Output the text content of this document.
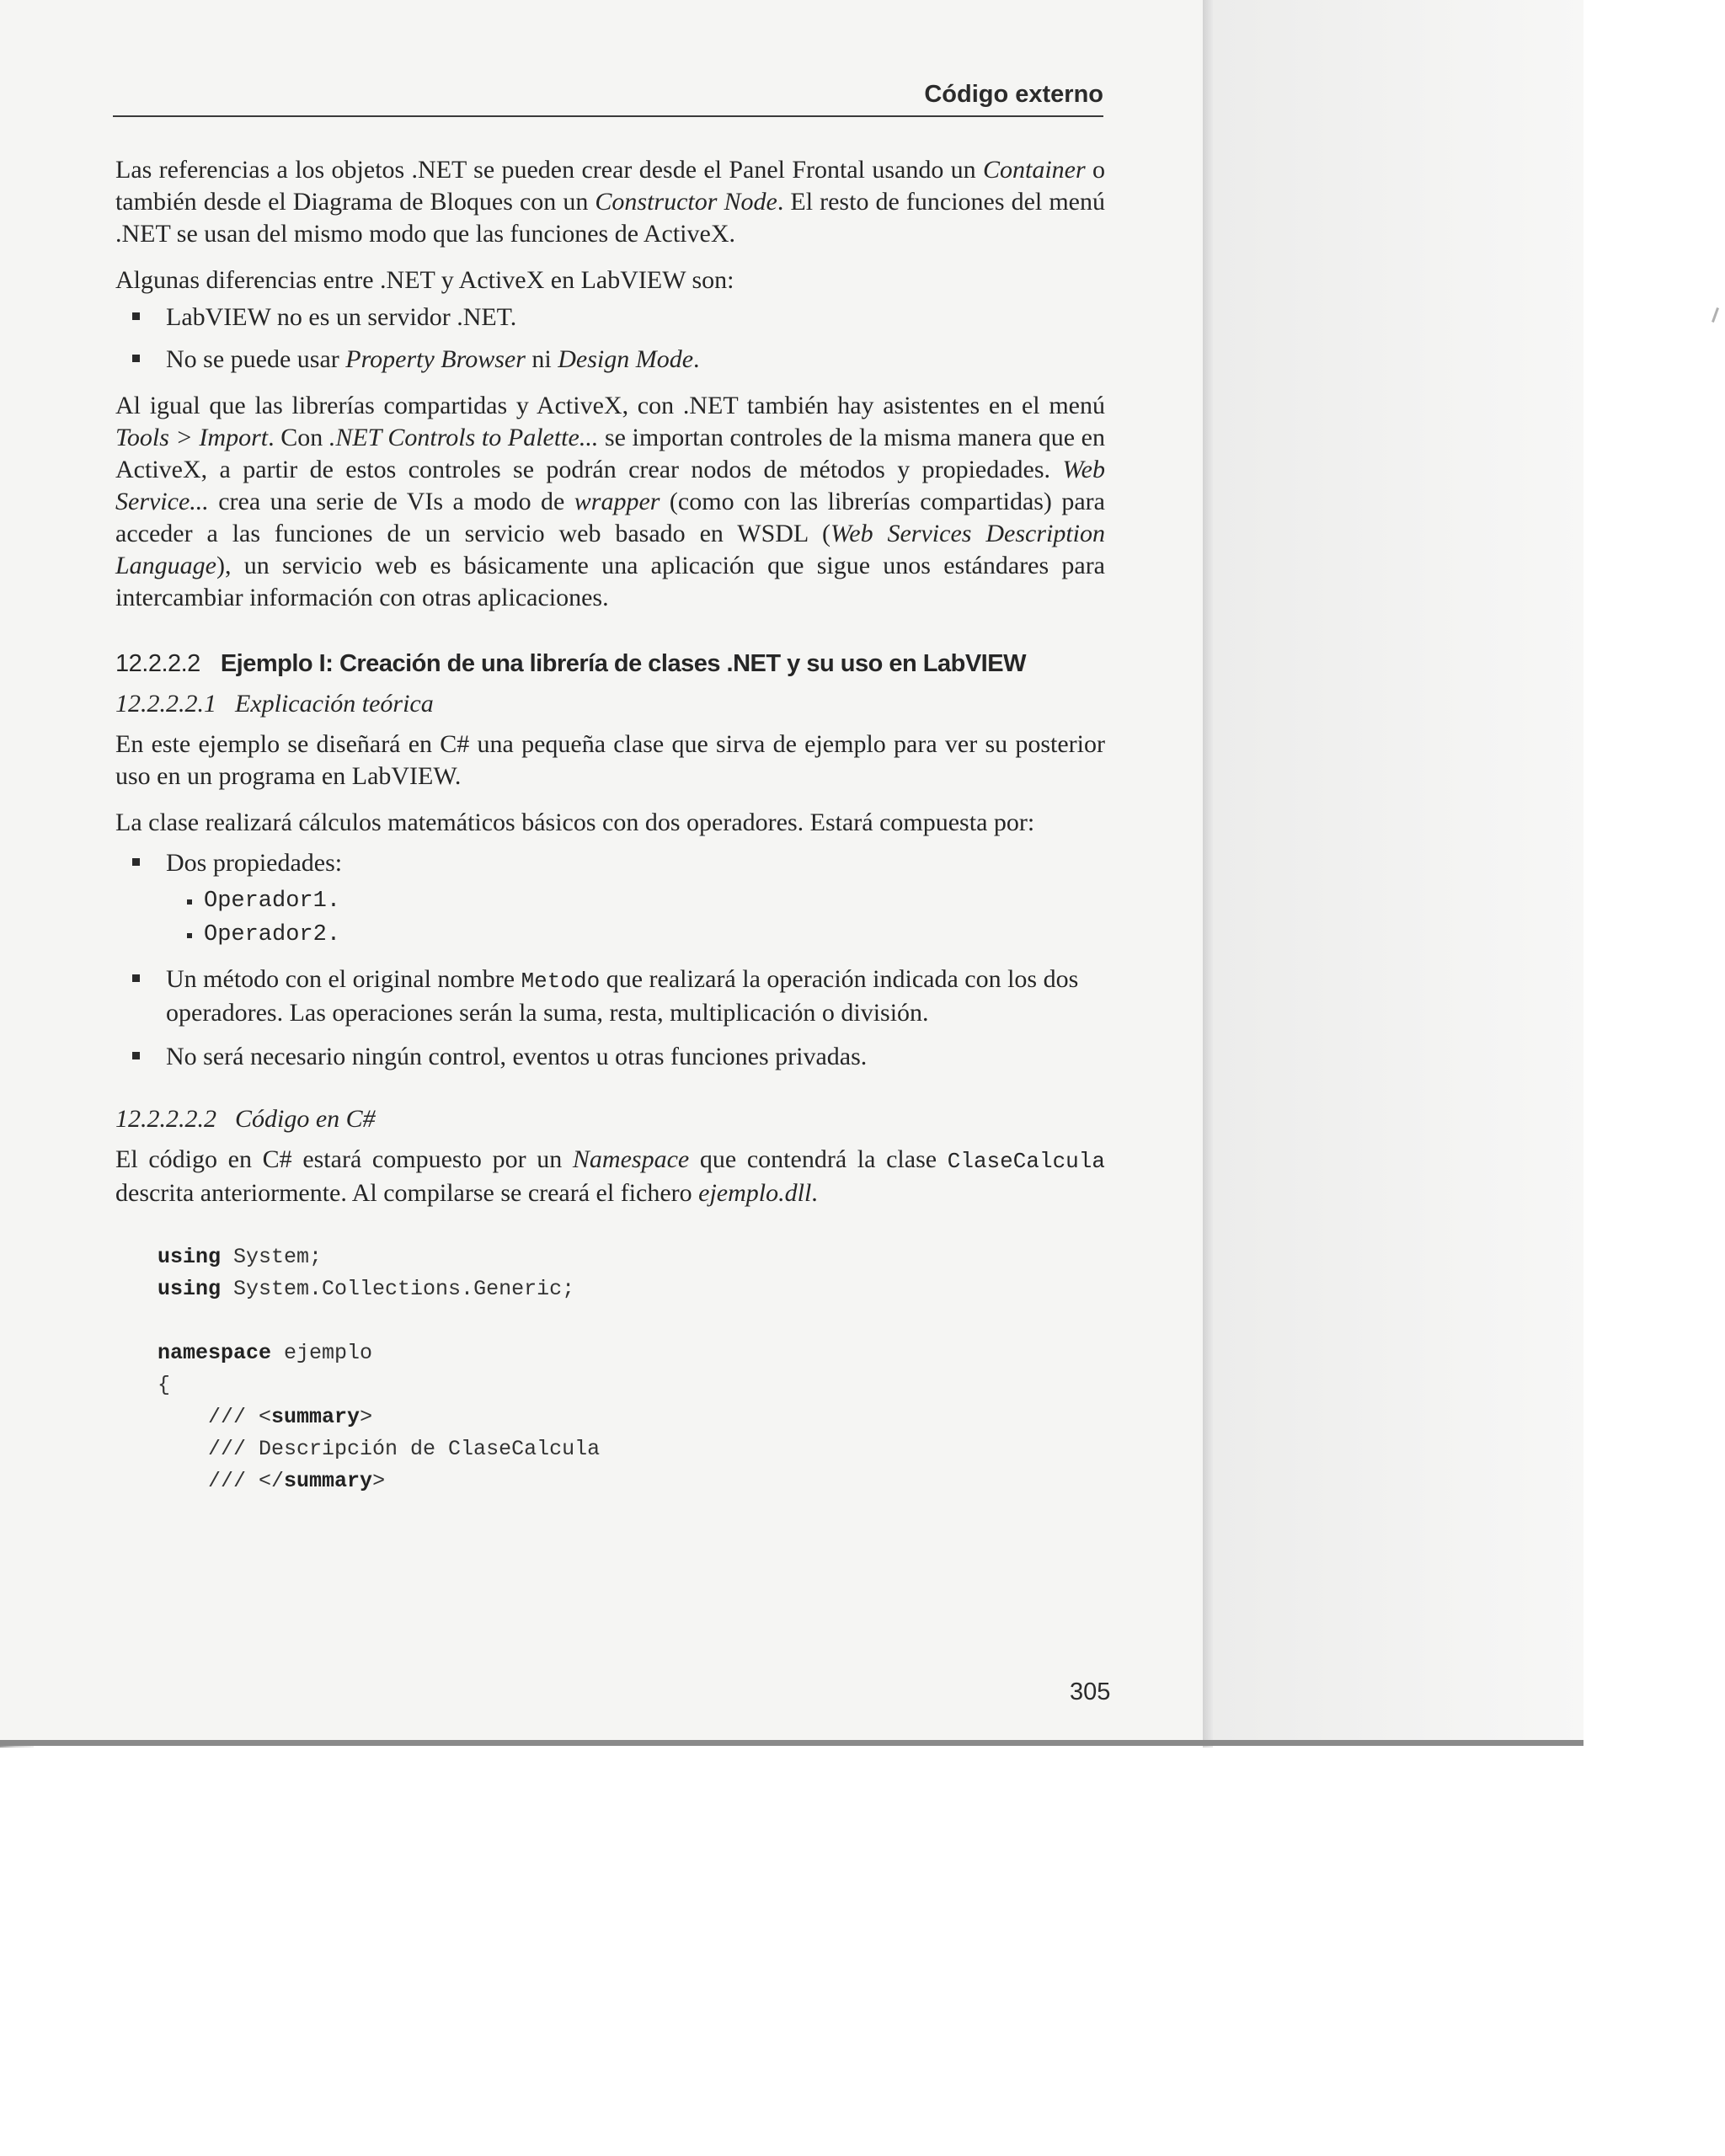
Código externo

Las referencias a los objetos .NET se pueden crear desde el Panel Frontal usando un Container o también desde el Diagrama de Bloques con un Constructor Node. El resto de funciones del menú .NET se usan del mismo modo que las funciones de ActiveX.

Algunas diferencias entre .NET y ActiveX en LabVIEW son:

LabVIEW no es un servidor .NET.
No se puede usar Property Browser ni Design Mode.

Al igual que las librerías compartidas y ActiveX, con .NET también hay asistentes en el menú Tools > Import. Con .NET Controls to Palette... se importan controles de la misma manera que en ActiveX, a partir de estos controles se podrán crear nodos de métodos y propiedades. Web Service... crea una serie de VIs a modo de wrapper (como con las librerías compartidas) para acceder a las funciones de un servicio web basado en WSDL (Web Services Description Language), un servicio web es básicamente una aplicación que sigue unos estándares para intercambiar información con otras aplicaciones.

12.2.2.2 Ejemplo I: Creación de una librería de clases .NET y su uso en LabVIEW
12.2.2.2.1 Explicación teórica

En este ejemplo se diseñará en C# una pequeña clase que sirva de ejemplo para ver su posterior uso en un programa en LabVIEW.

La clase realizará cálculos matemáticos básicos con dos operadores. Estará compuesta por:

Dos propiedades:
Operador1.
Operador2.
Un método con el original nombre Metodo que realizará la operación indicada con los dos operadores. Las operaciones serán la suma, resta, multiplicación o división.
No será necesario ningún control, eventos u otras funciones privadas.
12.2.2.2.2 Código en C#

El código en C# estará compuesto por un Namespace que contendrá la clase ClaseCalcula descrita anteriormente. Al compilarse se creará el fichero ejemplo.dll.

using System;
using System.Collections.Generic;

namespace ejemplo
{
/// <summary>
/// Descripción de ClaseCalcula
/// </summary>
305
